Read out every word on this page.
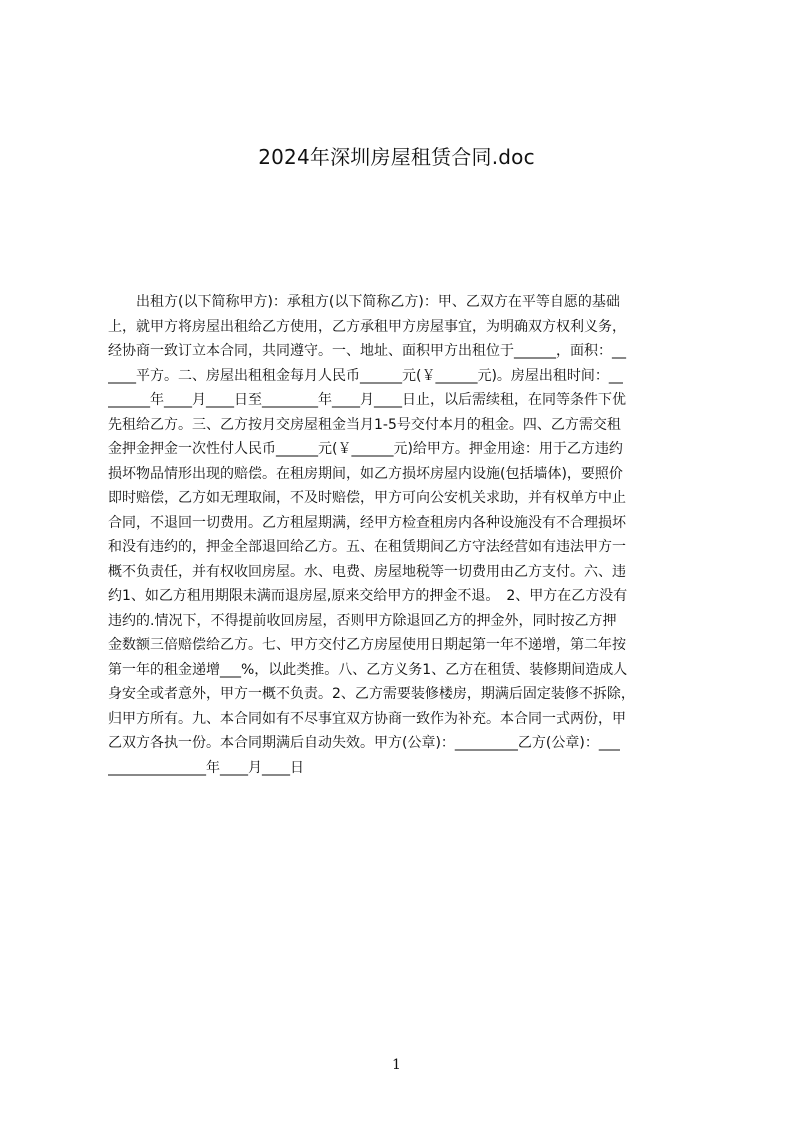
2024年深圳房屋租赁合同.doc
　　出租方(以下简称甲方)：承租方(以下简称乙方)：甲、乙双方在平等自愿的基础
上，就甲方将房屋出租给乙方使用，乙方承租甲方房屋事宜，为明确双方权利义务，
经协商一致订立本合同，共同遵守。一、地址、面积甲方出租位于______，面积：__
____平方。二、房屋出租租金每月人民币______元(￥______元)。房屋出租时间：__
______年____月____日至________年____月____日止，以后需续租，在同等条件下优
先租给乙方。三、乙方按月交房屋租金当月1-5号交付本月的租金。四、乙方需交租
金押金押金一次性付人民币______元(￥______元)给甲方。押金用途：用于乙方违约
损坏物品情形出现的赔偿。在租房期间，如乙方损坏房屋内设施(包括墙体)，要照价
即时赔偿，乙方如无理取闹，不及时赔偿，甲方可向公安机关求助，并有权单方中止
合同，不退回一切费用。乙方租屋期满，经甲方检查租房内各种设施没有不合理损坏
和没有违约的，押金全部退回给乙方。五、在租赁期间乙方守法经营如有违法甲方一
概不负责任，并有权收回房屋。水、电费、房屋地税等一切费用由乙方支付。六、违
约1、如乙方租用期限未满而退房屋,原来交给甲方的押金不退。　2、甲方在乙方没有
违约的.情况下，不得提前收回房屋，否则甲方除退回乙方的押金外，同时按乙方押
金数额三倍赔偿给乙方。七、甲方交付乙方房屋使用日期起第一年不递增，第二年按
第一年的租金递增___%，以此类推。八、乙方义务1、乙方在租赁、装修期间造成人
身安全或者意外，甲方一概不负责。2、乙方需要装修楼房，期满后固定装修不拆除，
归甲方所有。九、本合同如有不尽事宜双方协商一致作为补充。本合同一式两份，甲
乙双方各执一份。本合同期满后自动失效。甲方(公章)：_________乙方(公章)：___
______________年____月____日
1
